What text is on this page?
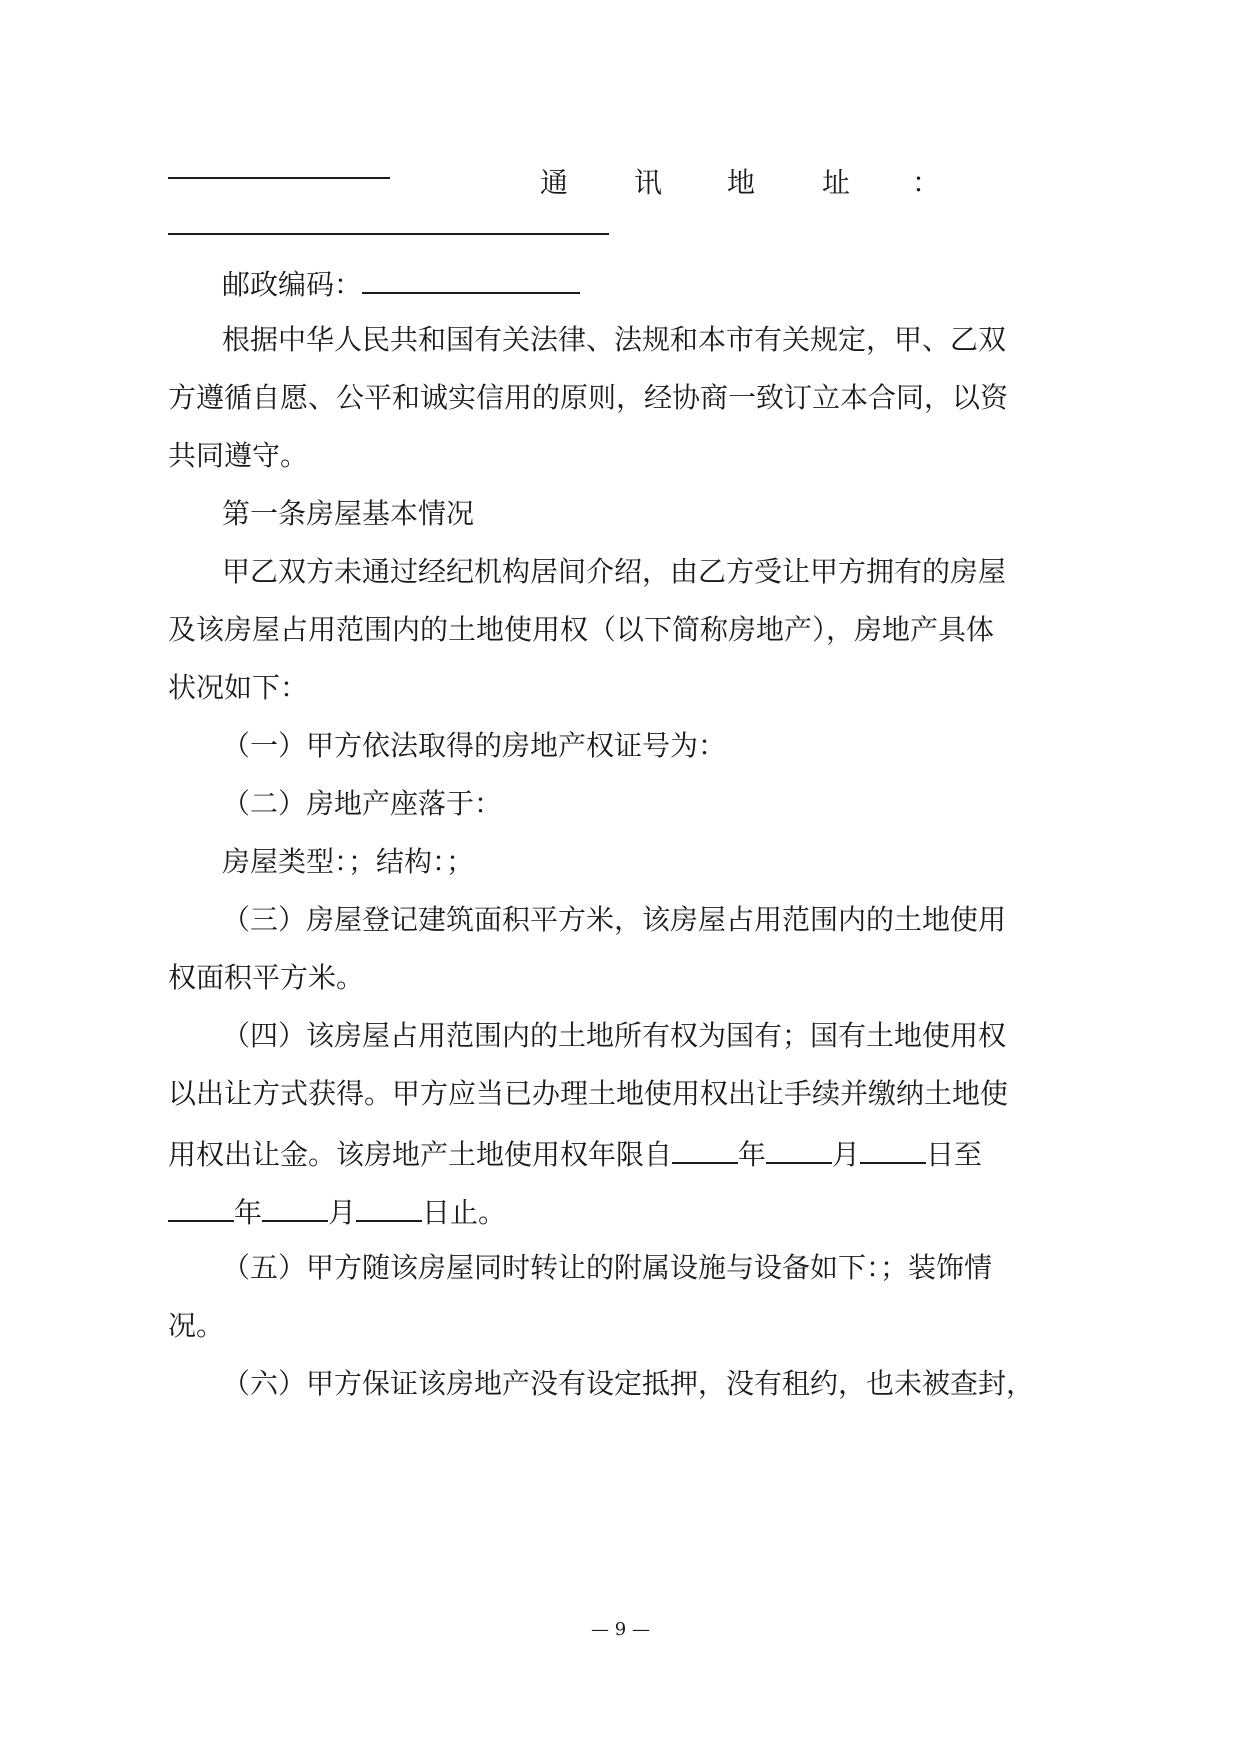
通 讯 地 址 ：
邮政编码：
根据中华人民共和国有关法律、法规和本市有关规定，甲、乙双
方遵循自愿、公平和诚实信用的原则，经协商一致订立本合同，以资
共同遵守。
第一条房屋基本情况
甲乙双方未通过经纪机构居间介绍，由乙方受让甲方拥有的房屋
及该房屋占用范围内的土地使用权（以下简称房地产），房地产具体
状况如下：
（一）甲方依法取得的房地产权证号为：
（二）房地产座落于：
房屋类型：；结构：；
（三）房屋登记建筑面积平方米，该房屋占用范围内的土地使用
权面积平方米。
（四）该房屋占用范围内的土地所有权为国有；国有土地使用权
以出让方式获得。甲方应当已办理土地使用权出让手续并缴纳土地使
用权出让金。该房地产土地使用权年限自 年 月 日至
年 月 日止。
（五）甲方随该房屋同时转让的附属设施与设备如下：；装饰情
况。
（六）甲方保证该房地产没有设定抵押，没有租约，也未被查封，
— 9 —
